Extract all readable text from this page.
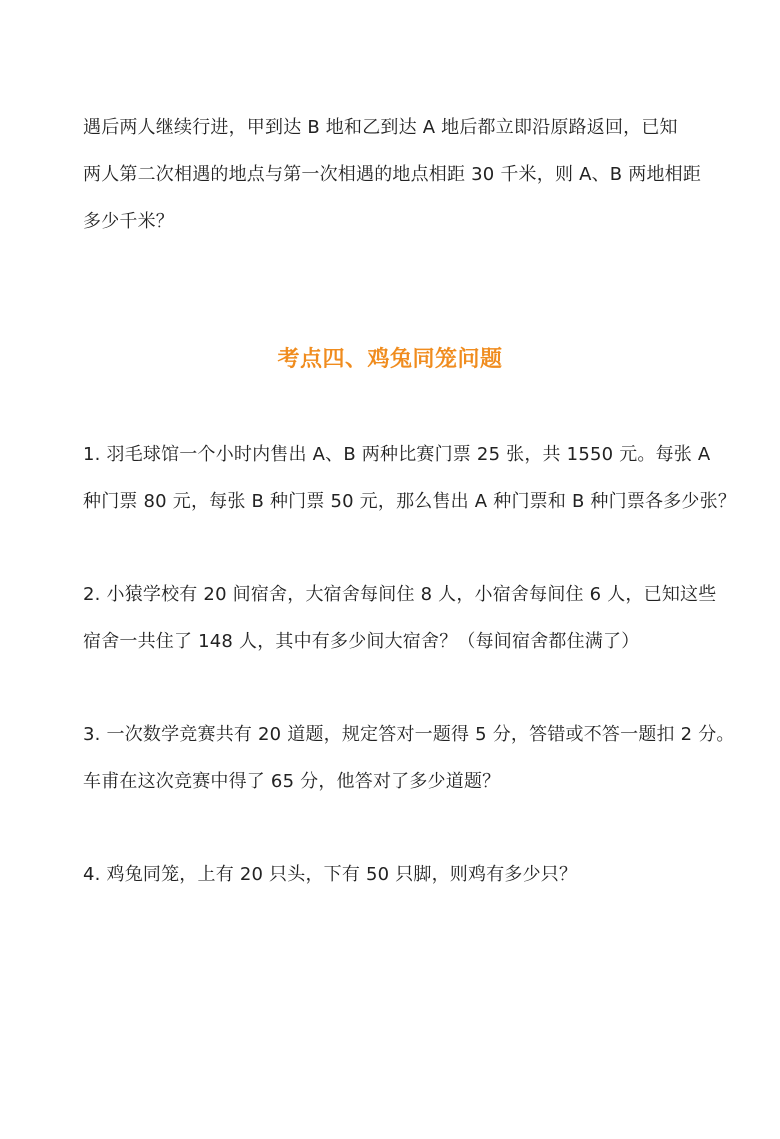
遇后两人继续行进，甲到达 B 地和乙到达 A 地后都立即沿原路返回，已知
两人第二次相遇的地点与第一次相遇的地点相距 30 千米，则 A、B 两地相距
多少千米？
考点四、鸡兔同笼问题
1. 羽毛球馆一个小时内售出 A、B 两种比赛门票 25 张，共 1550 元。每张 A
种门票 80 元，每张 B 种门票 50 元，那么售出 A 种门票和 B 种门票各多少张？
2. 小猿学校有 20 间宿舍，大宿舍每间住 8 人，小宿舍每间住 6 人，已知这些
宿舍一共住了 148 人，其中有多少间大宿舍？（每间宿舍都住满了）
3. 一次数学竞赛共有 20 道题，规定答对一题得 5 分，答错或不答一题扣 2 分。
车甫在这次竞赛中得了 65 分，他答对了多少道题？
4. 鸡兔同笼，上有 20 只头，下有 50 只脚，则鸡有多少只？
